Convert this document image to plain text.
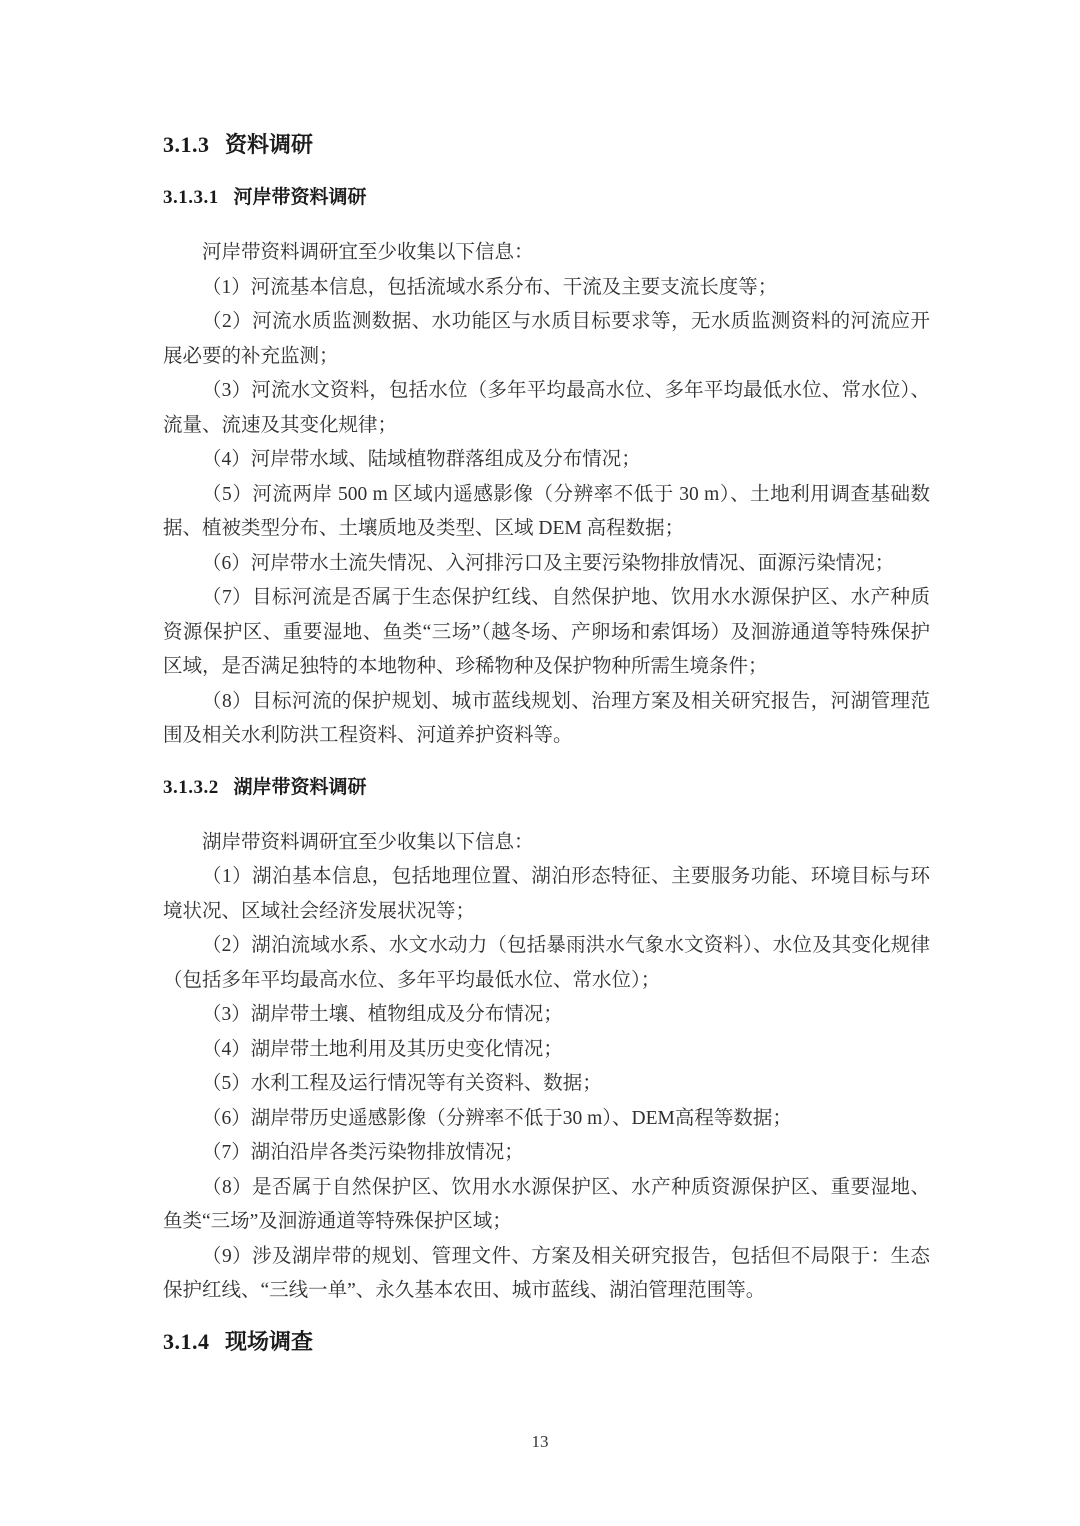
3.1.3 资料调研
3.1.3.1 河岸带资料调研

河岸带资料调研宜至少收集以下信息：

（1）河流基本信息，包括流域水系分布、干流及主要支流长度等；

（2）河流水质监测数据、水功能区与水质目标要求等，无水质监测资料的河流应开展必要的补充监测；

（3）河流水文资料，包括水位（多年平均最高水位、多年平均最低水位、常水位）、流量、流速及其变化规律；

（4）河岸带水域、陆域植物群落组成及分布情况；

（5）河流两岸 500 m 区域内遥感影像（分辨率不低于 30 m）、土地利用调查基础数据、植被类型分布、土壤质地及类型、区域 DEM 高程数据；

（6）河岸带水土流失情况、入河排污口及主要污染物排放情况、面源污染情况；

（7）目标河流是否属于生态保护红线、自然保护地、饮用水水源保护区、水产种质资源保护区、重要湿地、鱼类“三场”（越冬场、产卵场和索饵场）及洄游通道等特殊保护区域，是否满足独特的本地物种、珍稀物种及保护物种所需生境条件；

（8）目标河流的保护规划、城市蓝线规划、治理方案及相关研究报告，河湖管理范围及相关水利防洪工程资料、河道养护资料等。

3.1.3.2 湖岸带资料调研

湖岸带资料调研宜至少收集以下信息：

（1）湖泊基本信息，包括地理位置、湖泊形态特征、主要服务功能、环境目标与环境状况、区域社会经济发展状况等；

（2）湖泊流域水系、水文水动力（包括暴雨洪水气象水文资料）、水位及其变化规律（包括多年平均最高水位、多年平均最低水位、常水位）；

（3）湖岸带土壤、植物组成及分布情况；

（4）湖岸带土地利用及其历史变化情况；

（5）水利工程及运行情况等有关资料、数据；

（6）湖岸带历史遥感影像（分辨率不低于30 m）、DEM高程等数据；

（7）湖泊沿岸各类污染物排放情况；

（8）是否属于自然保护区、饮用水水源保护区、水产种质资源保护区、重要湿地、鱼类“三场”及洄游通道等特殊保护区域；

（9）涉及湖岸带的规划、管理文件、方案及相关研究报告，包括但不局限于：生态保护红线、“三线一单”、永久基本农田、城市蓝线、湖泊管理范围等。

3.1.4 现场调查
13
